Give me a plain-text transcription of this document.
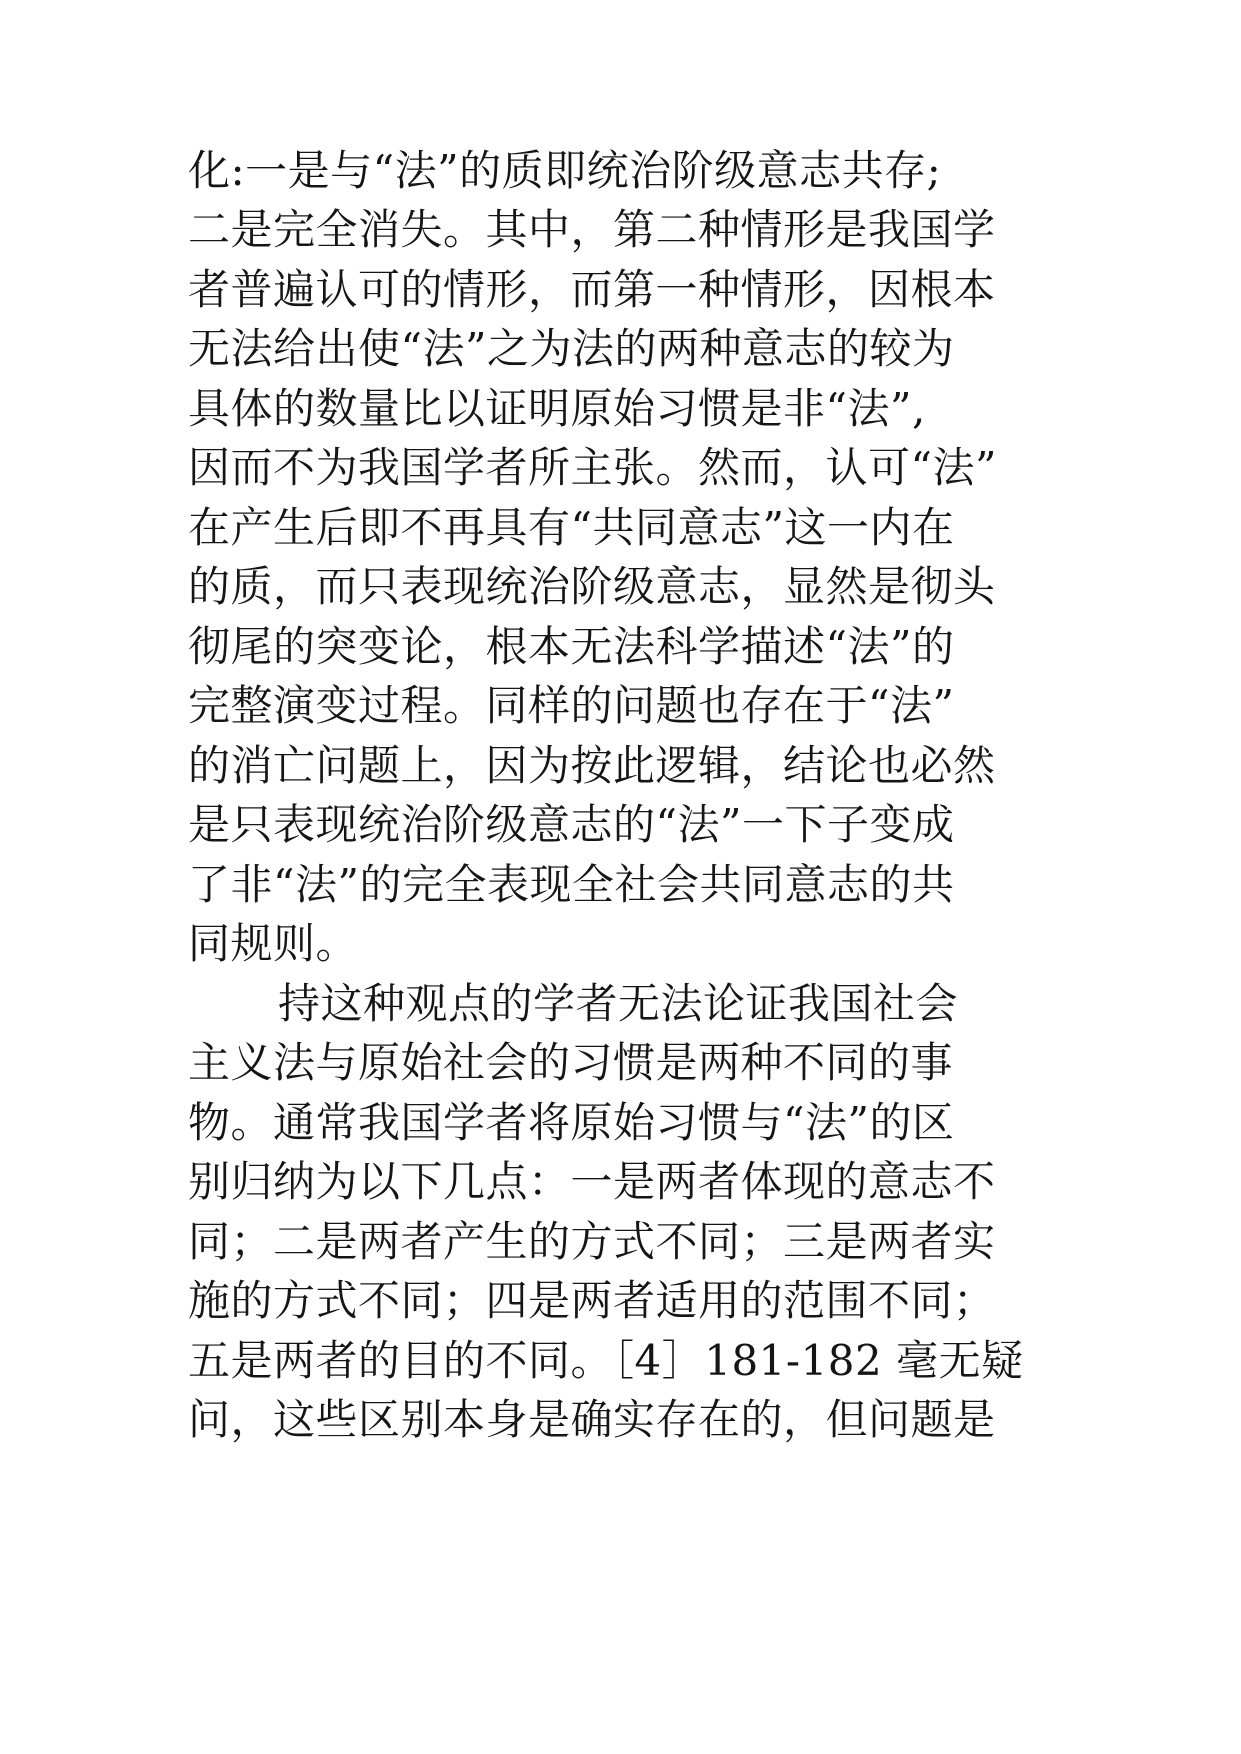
化:一是与“法”的质即统治阶级意志共存;
二是完全消失。其中，第二种情形是我国学
者普遍认可的情形，而第一种情形，因根本
无法给出使“法”之为法的两种意志的较为
具体的数量比以证明原始习惯是非“法”,
因而不为我国学者所主张。然而，认可“法”
在产生后即不再具有“共同意志”这一内在
的质，而只表现统治阶级意志，显然是彻头
彻尾的突变论，根本无法科学描述“法”的
完整演变过程。同样的问题也存在于“法”
的消亡问题上，因为按此逻辑，结论也必然
是只表现统治阶级意志的“法”一下子变成
了非“法”的完全表现全社会共同意志的共
同规则。
持这种观点的学者无法论证我国社会
主义法与原始社会的习惯是两种不同的事
物。通常我国学者将原始习惯与“法”的区
别归纳为以下几点：一是两者体现的意志不
同；二是两者产生的方式不同；三是两者实
施的方式不同；四是两者适用的范围不同；
五是两者的目的不同。［4］181-182 毫无疑
问，这些区别本身是确实存在的，但问题是
